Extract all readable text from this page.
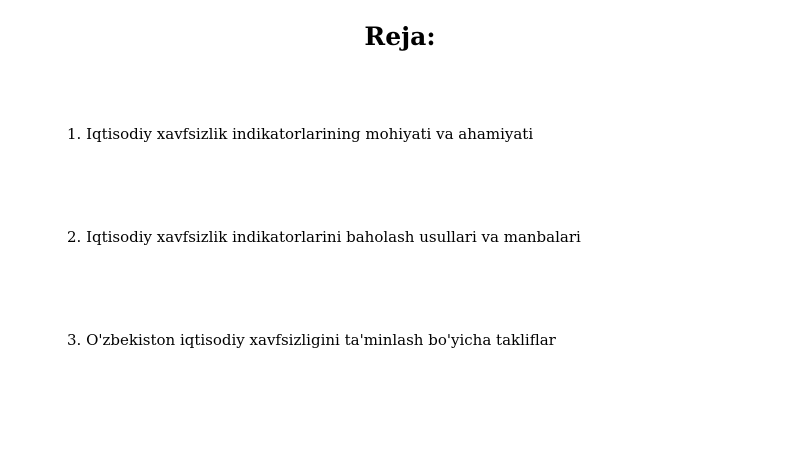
Reja:
1. Iqtisodiy xavfsizlik indikatorlarining mohiyati va ahamiyati
2. Iqtisodiy xavfsizlik indikatorlarini baholash usullari va manbalari
3. O'zbekiston iqtisodiy xavfsizligini ta'minlash bo'yicha takliflar
